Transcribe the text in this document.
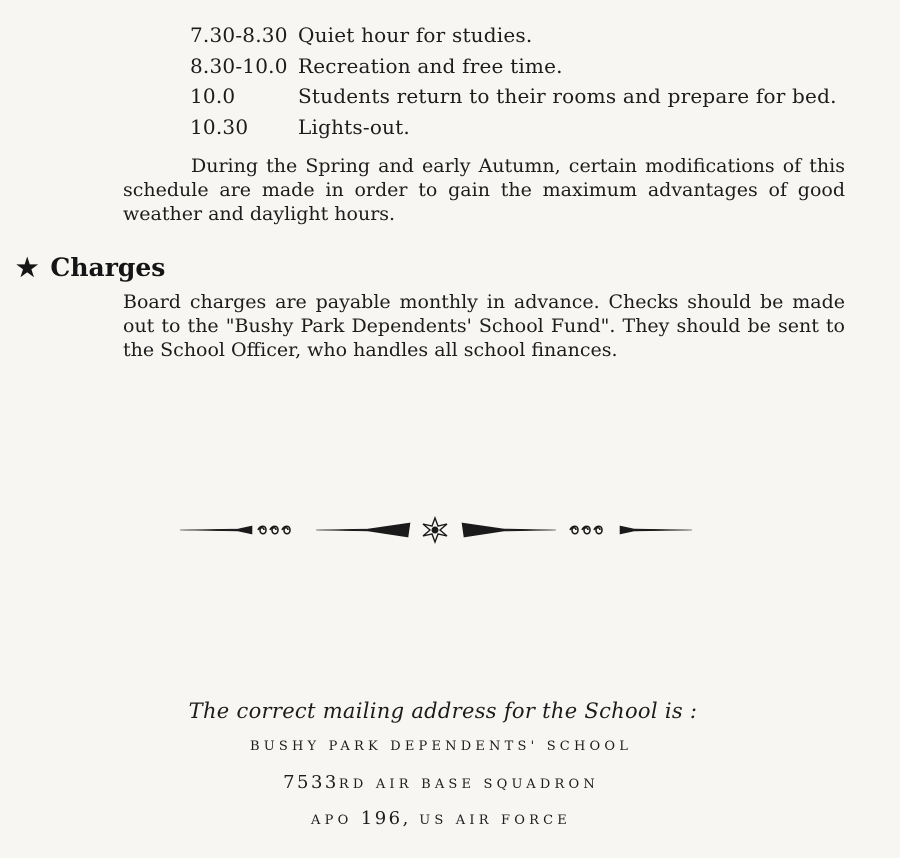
7.30-8.30 Quiet hour for studies.
8.30-10.0 Recreation and free time.
10.0	Students return to their rooms and prepare for bed.
10.30	Lights-out.

During the Spring and early Autumn, certain modifications of this schedule are made in order to gain the maximum advantages of good weather and daylight hours.

★ Charges

Board charges are payable monthly in advance. Checks should be made out to the "Bushy Park Dependents' School Fund". They should be sent to the School Officer, who handles all school finances.

The correct mailing address for the School is :

BUSHY PARK DEPENDENTS' SCHOOL
7533RD AIR BASE SQUADRON
APO 196, US AIR FORCE
